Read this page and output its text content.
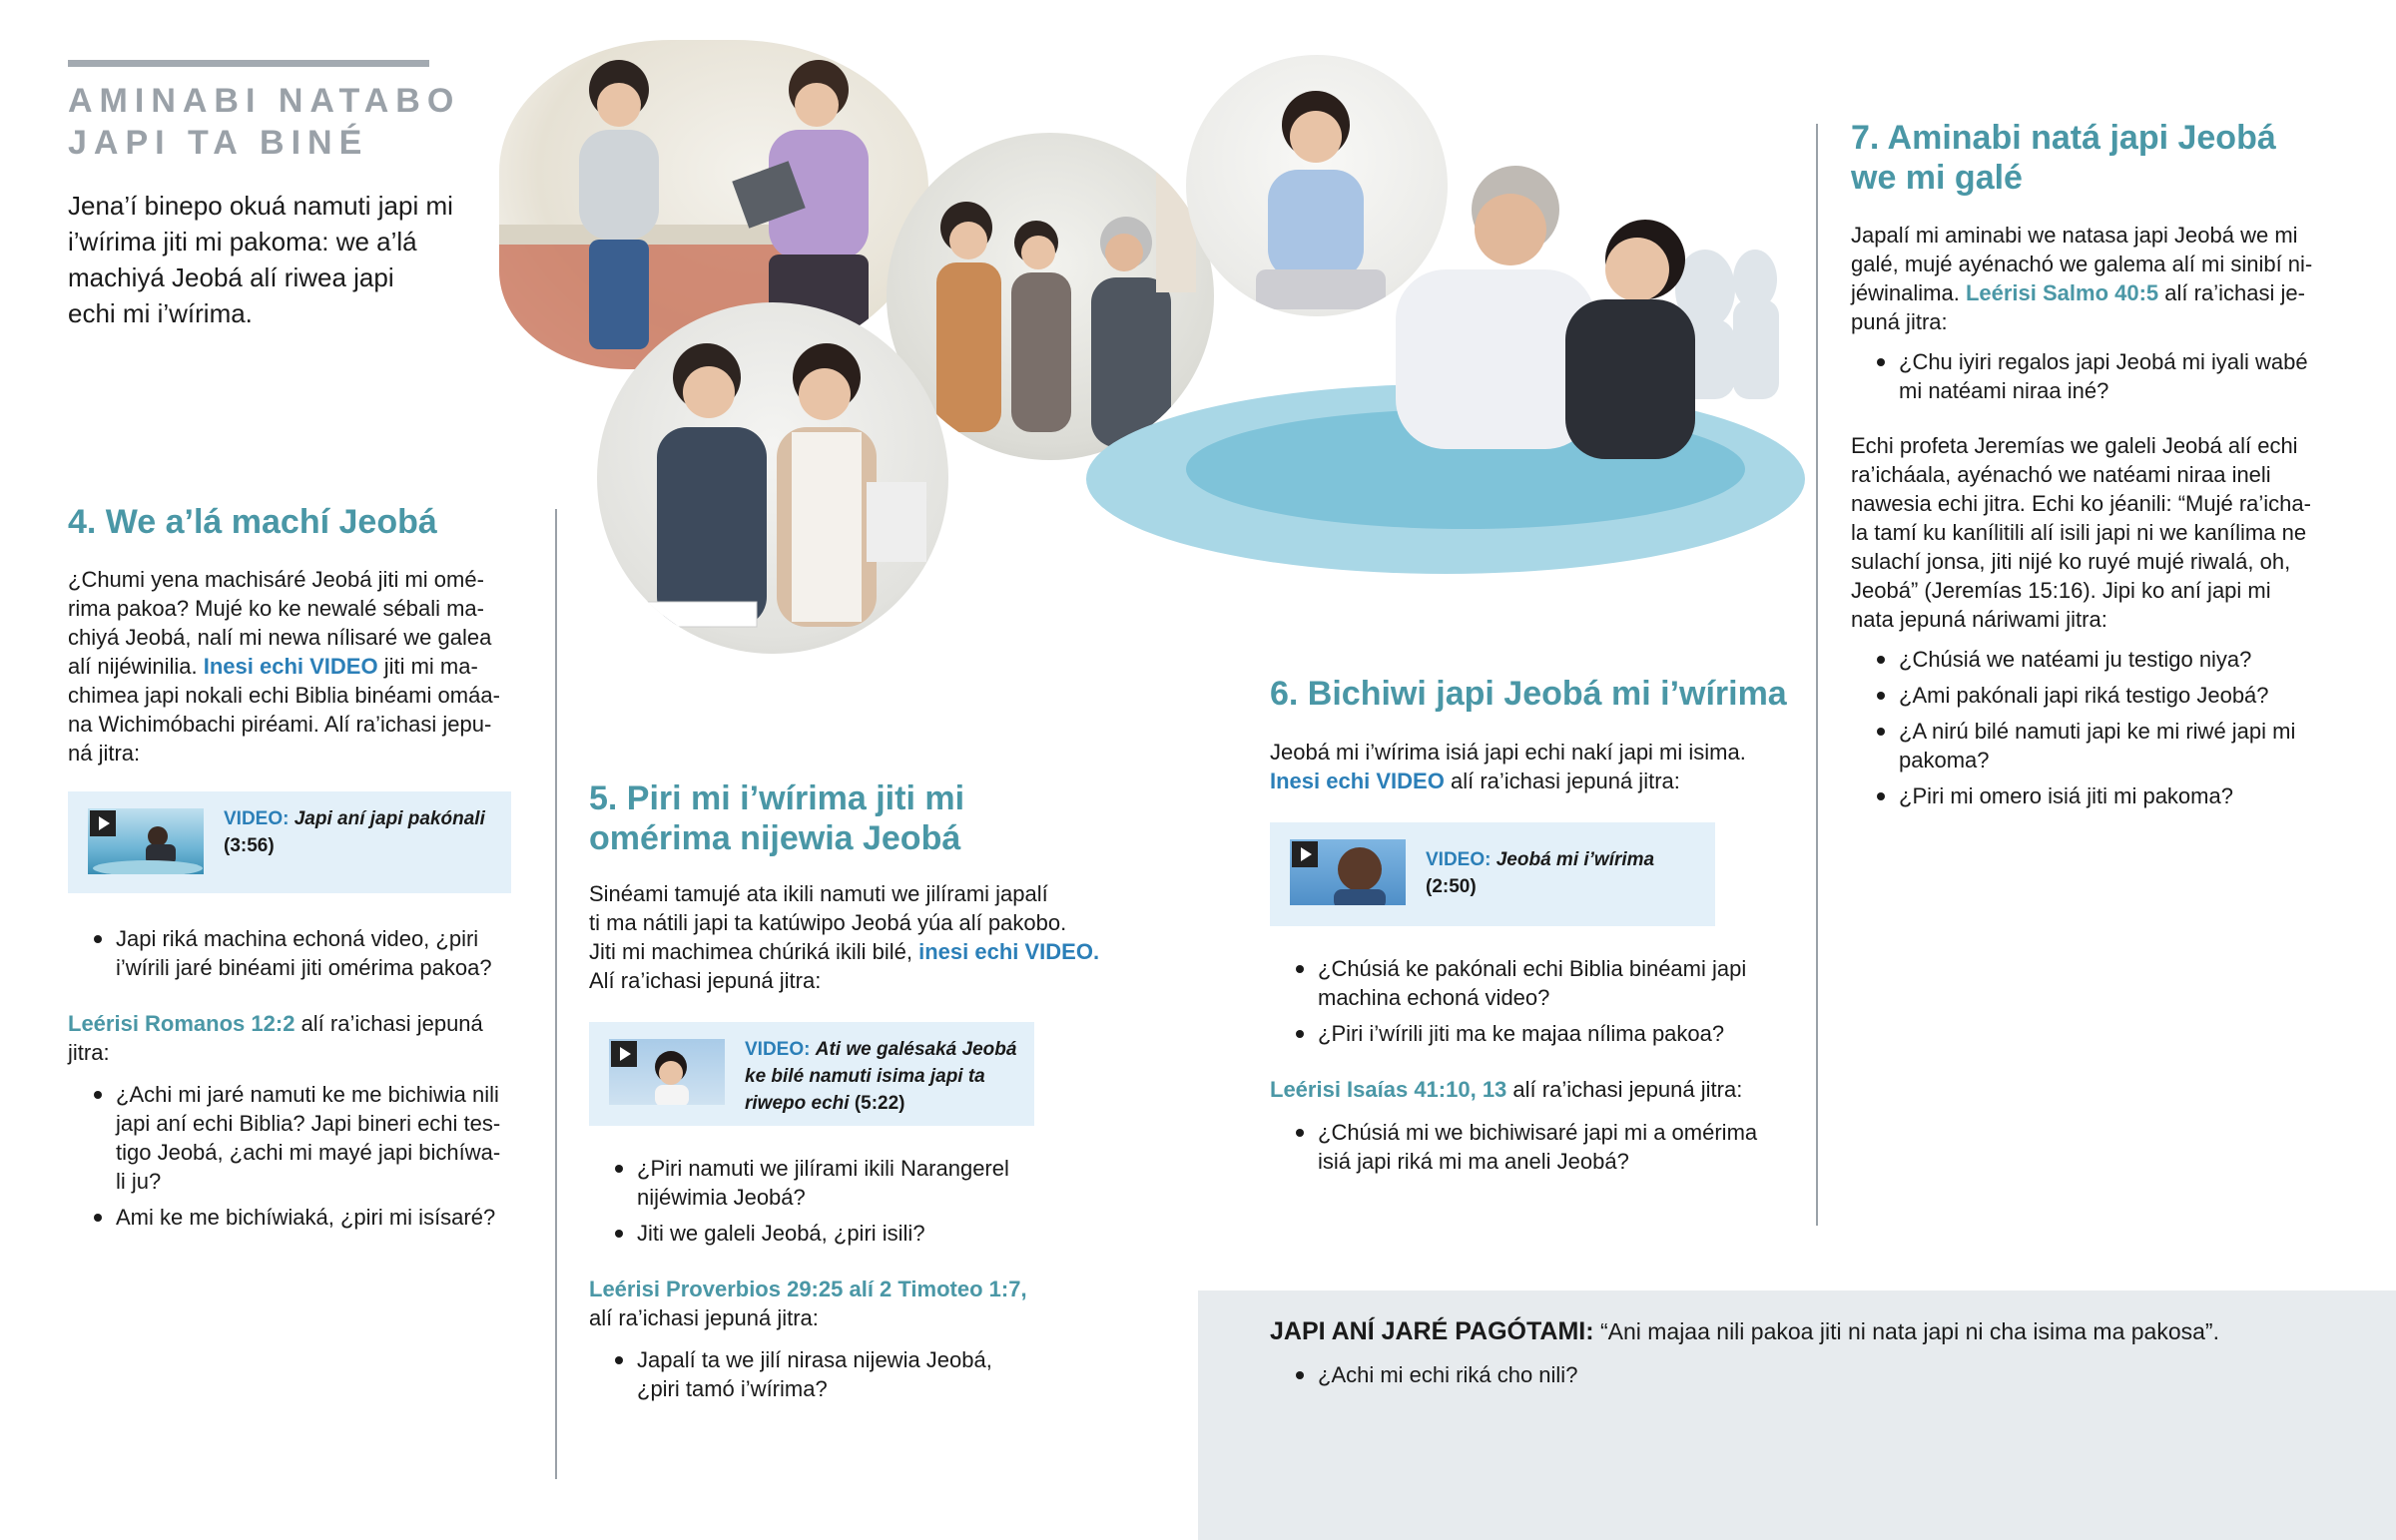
AMINABI NATABO
JAPI TA BINÉ
Jena’í binepo okuá namuti japi mi
i’wírima jiti mi pakoma: we a’lá
machiyá Jeobá alí riwea japi
echi mi i’wírima.
4. We a’lá machí Jeobá
¿Chumi yena machisáré Jeobá jiti mi omé-
rima pakoa? Mujé ko ke newalé sébali ma-
chiyá Jeobá, nalí mi newa nílisaré we galea
alí nijéwinilia. Inesi echi VIDEO jiti mi ma-
chimea japi nokali echi Biblia binéami omáa-
na Wichimóbachi piréami. Alí ra’ichasi jepu-
ná jitra:
VIDEO: Japi aní japi pakónali
(3:56)
Japi riká machina echoná video, ¿piri
i’wírili jaré binéami jiti omérima pakoa?
Leérisi Romanos 12:2 alí ra’ichasi jepuná
jitra:
¿Achi mi jaré namuti ke me bichiwia nili
japi aní echi Biblia? Japi bineri echi tes-
tigo Jeobá, ¿achi mi mayé japi bichíwa-
li ju?
Ami ke me bichíwiaká, ¿piri mi isísaré?
5. Piri mi i’wírima jiti mi
omérima nijewia Jeobá
Sinéami tamujé ata ikili namuti we jilírami japalí
ti ma nátili japi ta katúwipo Jeobá yúa alí pakobo.
Jiti mi machimea chúriká ikili bilé, inesi echi VIDEO.
Alí ra’ichasi jepuná jitra:
VIDEO: Ati we galésaká Jeobá
ke bilé namuti isima japi ta
riwepo echi (5:22)
¿Piri namuti we jilírami ikili Narangerel
nijéwimia Jeobá?
Jiti we galeli Jeobá, ¿piri isili?
Leérisi Proverbios 29:25 alí 2 Timoteo 1:7,
alí ra’ichasi jepuná jitra:
Japalí ta we jilí nirasa nijewia Jeobá,
¿piri tamó i’wírima?
6. Bichiwi japi Jeobá mi i’wírima
Jeobá mi i’wírima isiá japi echi nakí japi mi isima.
Inesi echi VIDEO alí ra’ichasi jepuná jitra:
VIDEO: Jeobá mi i’wírima
(2:50)
¿Chúsiá ke pakónali echi Biblia binéami japi
machina echoná video?
¿Piri i’wírili jiti ma ke majaa nílima pakoa?
Leérisi Isaías 41:10, 13 alí ra’ichasi jepuná jitra:
¿Chúsiá mi we bichiwisaré japi mi a omérima
isiá japi riká mi ma aneli Jeobá?
7. Aminabi natá japi Jeobá
we mi galé
Japalí mi aminabi we natasa japi Jeobá we mi
galé, mujé ayénachó we galema alí mi sinibí ni-
jéwinalima. Leérisi Salmo 40:5 alí ra’ichasi je-
puná jitra:
¿Chu iyiri regalos japi Jeobá mi iyali wabé
mi natéami niraa iné?
Echi profeta Jeremías we galeli Jeobá alí echi
ra’icháala, ayénachó we natéami niraa ineli
nawesia echi jitra. Echi ko jéanili: “Mujé ra’icha-
la tamí ku kanílitili alí isili japi ni we kanílima ne
sulachí jonsa, jiti nijé ko ruyé mujé riwalá, oh,
Jeobá” (Jeremías 15:16). Jipi ko aní japi mi
nata jepuná náriwami jitra:
¿Chúsiá we natéami ju testigo niya?
¿Ami pakónali japi riká testigo Jeobá?
¿A nirú bilé namuti japi ke mi riwé japi mi
pakoma?
¿Piri mi omero isiá jiti mi pakoma?
JAPI ANÍ JARÉ PAGÓTAMI: “Ani majaa nili pakoa jiti ni nata japi ni cha isima ma pakosa”.
¿Achi mi echi riká cho nili?
